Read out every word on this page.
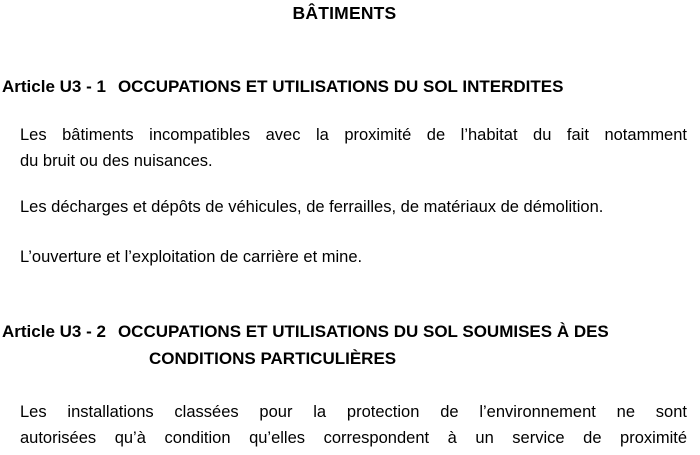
BÂTIMENTS
Article U3 - 1 OCCUPATIONS ET UTILISATIONS DU SOL INTERDITES
Les bâtiments incompatibles avec la proximité de l’habitat du fait notamment
du bruit ou des nuisances.
Les décharges et dépôts de véhicules, de ferrailles, de matériaux de démolition.
L’ouverture et l’exploitation de carrière et mine.
Article U3 - 2 OCCUPATIONS ET UTILISATIONS DU SOL SOUMISES À DES
CONDITIONS PARTICULIÈRES
Les installations classées pour la protection de l’environnement ne sont
autorisées qu’à condition qu’elles correspondent à un service de proximité
